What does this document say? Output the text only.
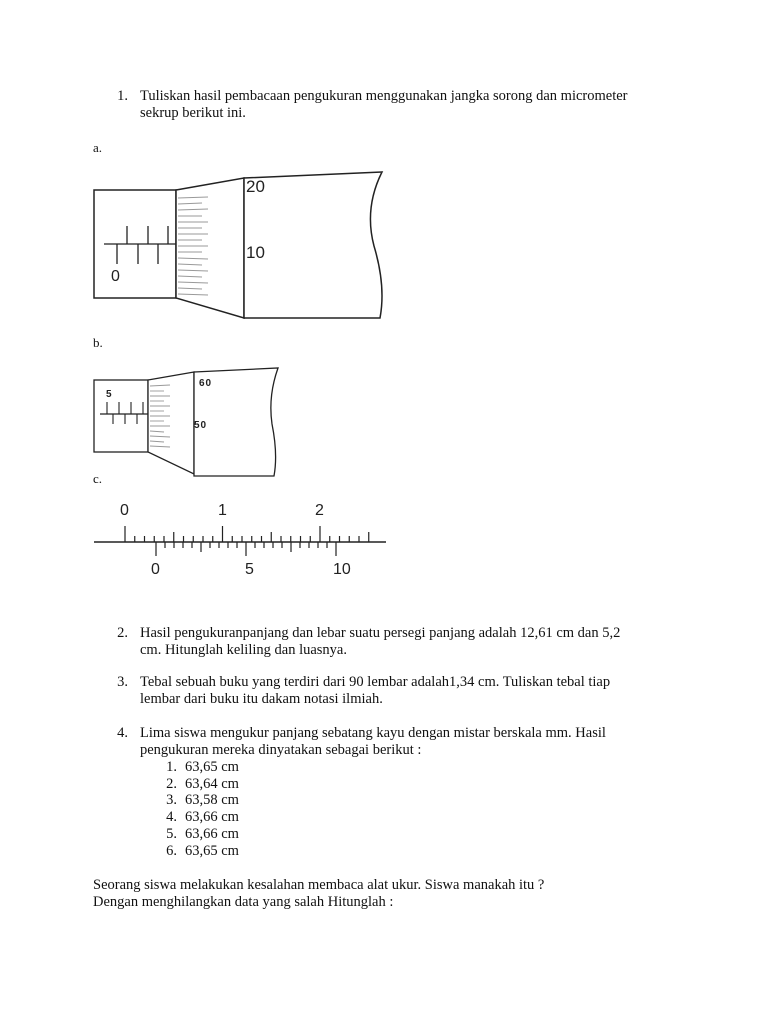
1. Tuliskan hasil pembacaan pengukuran menggunakan jangka sorong dan micrometer
sekrup berikut ini.
a.
0
20
10
b.
5
60
50
c.
0	1	2
0	5	10
2. Hasil pengukuranpanjang dan lebar suatu persegi panjang adalah 12,61 cm dan 5,2
cm. Hitunglah keliling dan luasnya.
3. Tebal sebuah buku yang terdiri dari 90 lembar adalah1,34 cm. Tuliskan tebal tiap
lembar dari buku itu dakam notasi ilmiah.
4. Lima siswa mengukur panjang sebatang kayu dengan mistar berskala mm. Hasil
pengukuran mereka dinyatakan sebagai berikut :
1. 63,65 cm
2. 63,64 cm
3. 63,58 cm
4. 63,66 cm
5. 63,66 cm
6. 63,65 cm
Seorang siswa melakukan kesalahan membaca alat ukur. Siswa manakah itu ?
Dengan menghilangkan data yang salah Hitunglah :
